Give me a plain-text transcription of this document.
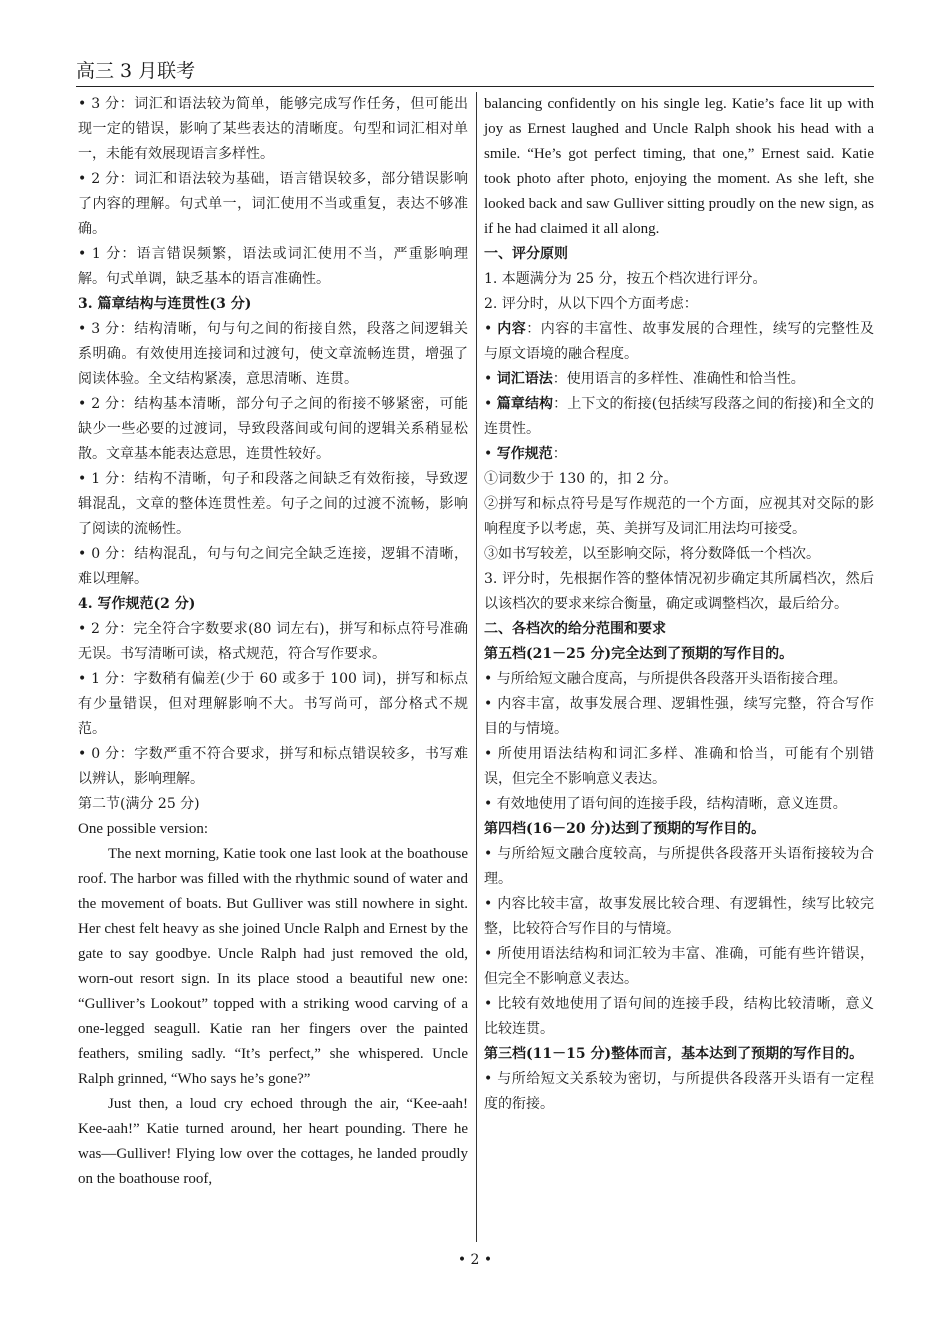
高三 3 月联考

• 3 分：词汇和语法较为简单，能够完成写作任务，但可能出现一定的错误，影响了某些表达的清晰度。句型和词汇相对单一，未能有效展现语言多样性。

• 2 分：词汇和语法较为基础，语言错误较多，部分错误影响了内容的理解。句式单一，词汇使用不当或重复，表达不够准确。

• 1 分：语言错误频繁，语法或词汇使用不当，严重影响理解。句式单调，缺乏基本的语言准确性。

3. 篇章结构与连贯性(3 分)

• 3 分：结构清晰，句与句之间的衔接自然，段落之间逻辑关系明确。有效使用连接词和过渡句，使文章流畅连贯，增强了阅读体验。全文结构紧凑，意思清晰、连贯。

• 2 分：结构基本清晰，部分句子之间的衔接不够紧密，可能缺少一些必要的过渡词，导致段落间或句间的逻辑关系稍显松散。文章基本能表达意思，连贯性较好。

• 1 分：结构不清晰，句子和段落之间缺乏有效衔接，导致逻辑混乱，文章的整体连贯性差。句子之间的过渡不流畅，影响了阅读的流畅性。

• 0 分：结构混乱，句与句之间完全缺乏连接，逻辑不清晰，难以理解。

4. 写作规范(2 分)

• 2 分：完全符合字数要求(80 词左右)，拼写和标点符号准确无误。书写清晰可读，格式规范，符合写作要求。

• 1 分：字数稍有偏差(少于 60 或多于 100 词)，拼写和标点有少量错误，但对理解影响不大。书写尚可，部分格式不规范。

• 0 分：字数严重不符合要求，拼写和标点错误较多，书写难以辨认，影响理解。

第二节(满分 25 分)

One possible version:

The next morning, Katie took one last look at the boathouse roof. The harbor was filled with the rhythmic sound of water and the movement of boats. But Gulliver was still nowhere in sight. Her chest felt heavy as she joined Uncle Ralph and Ernest by the gate to say goodbye. Uncle Ralph had just removed the old, worn-out resort sign. In its place stood a beautiful new one: “Gulliver’s Lookout” topped with a striking wood carving of a one-legged seagull. Katie ran her fingers over the painted feathers, smiling sadly. “It’s perfect,” she whispered. Uncle Ralph grinned, “Who says he’s gone?”

Just then, a loud cry echoed through the air, “Kee-aah! Kee-aah!” Katie turned around, her heart pounding. There he was—Gulliver! Flying low over the cottages, he landed proudly on the boathouse roof,

balancing confidently on his single leg. Katie’s face lit up with joy as Ernest laughed and Uncle Ralph shook his head with a smile. “He’s got perfect timing, that one,” Ernest said. Katie took photo after photo, enjoying the moment. As she left, she looked back and saw Gulliver sitting proudly on the new sign, as if he had claimed it all along.

一、评分原则

1. 本题满分为 25 分，按五个档次进行评分。

2. 评分时，从以下四个方面考虑：

• 内容：内容的丰富性、故事发展的合理性，续写的完整性及与原文语境的融合程度。

• 词汇语法：使用语言的多样性、准确性和恰当性。

• 篇章结构：上下文的衔接(包括续写段落之间的衔接)和全文的连贯性。

• 写作规范：

①词数少于 130 的，扣 2 分。

②拼写和标点符号是写作规范的一个方面，应视其对交际的影响程度予以考虑，英、美拼写及词汇用法均可接受。

③如书写较差，以至影响交际，将分数降低一个档次。

3. 评分时，先根据作答的整体情况初步确定其所属档次，然后以该档次的要求来综合衡量，确定或调整档次，最后给分。

二、各档次的给分范围和要求

第五档(21－25 分)完全达到了预期的写作目的。

• 与所给短文融合度高，与所提供各段落开头语衔接合理。

• 内容丰富，故事发展合理、逻辑性强，续写完整，符合写作目的与情境。

• 所使用语法结构和词汇多样、准确和恰当，可能有个别错误，但完全不影响意义表达。

• 有效地使用了语句间的连接手段，结构清晰，意义连贯。

第四档(16－20 分)达到了预期的写作目的。

• 与所给短文融合度较高，与所提供各段落开头语衔接较为合理。

• 内容比较丰富，故事发展比较合理、有逻辑性，续写比较完整，比较符合写作目的与情境。

• 所使用语法结构和词汇较为丰富、准确，可能有些许错误，但完全不影响意义表达。

• 比较有效地使用了语句间的连接手段，结构比较清晰，意义比较连贯。

第三档(11－15 分)整体而言，基本达到了预期的写作目的。

• 与所给短文关系较为密切，与所提供各段落开头语有一定程度的衔接。

• 2 •
